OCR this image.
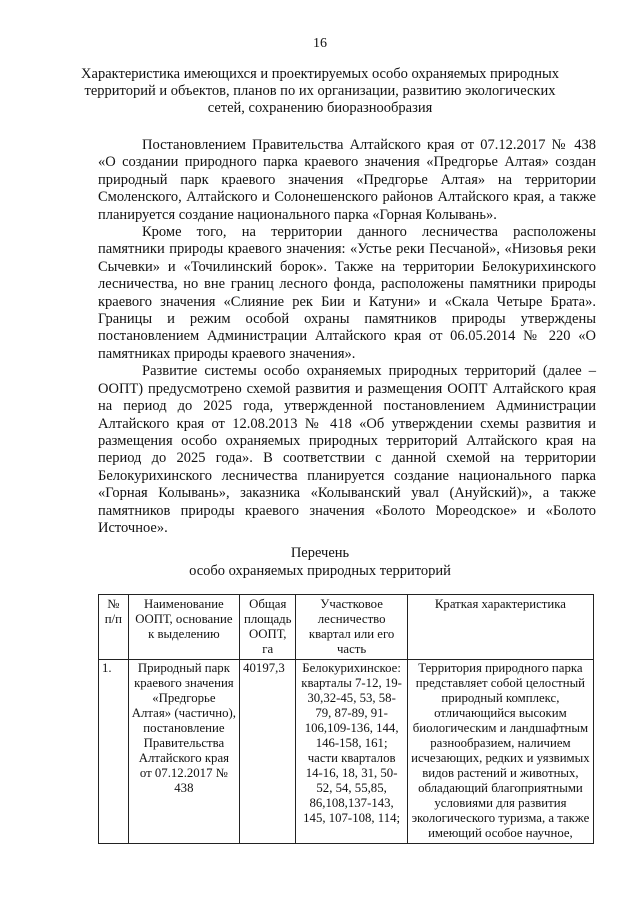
16
Характеристика имеющихся и проектируемых особо охраняемых природных территорий и объектов, планов по их организации, развитию экологических сетей, сохранению биоразнообразия

Постановлением Правительства Алтайского края от 07.12.2017 № 438 «О создании природного парка краевого значения «Предгорье Алтая» создан природный парк краевого значения «Предгорье Алтая» на территории Смоленского, Алтайского и Солонешенского районов Алтайского края, а также планируется создание национального парка «Горная Колывань».

Кроме того, на территории данного лесничества расположены памятники природы краевого значения: «Устье реки Песчаной», «Низовья реки Сычевки» и «Точилинский борок». Также на территории Белокурихинского лесничества, но вне границ лесного фонда, расположены памятники природы краевого значения «Слияние рек Бии и Катуни» и «Скала Четыре Брата». Границы и режим особой охраны памятников природы утверждены постановлением Администрации Алтайского края от 06.05.2014 № 220 «О памятниках природы краевого значения».

Развитие системы особо охраняемых природных территорий (далее – ООПТ) предусмотрено схемой развития и размещения ООПТ Алтайского края на период до 2025 года, утвержденной постановлением Администрации Алтайского края от 12.08.2013 № 418 «Об утверждении схемы развития и размещения особо охраняемых природных территорий Алтайского края на период до 2025 года». В соответствии с данной схемой на территории Белокурихинского лесничества планируется создание национального парка «Горная Колывань», заказника «Колыванский увал (Ануйский)», а также памятников природы краевого значения «Болото Мореодское» и «Болото Источное».

Перечень
особо охраняемых природных территорий
№ п/п	Наименование ООПТ, основание к выделению	Общая площадь ООПТ, га	Участковое лесничество квартал или его часть	Краткая характеристика
1.	Природный парк краевого значения «Предгорье Алтая» (частично), постановление Правительства Алтайского края от 07.12.2017 № 438	40197,3	Белокурихинское: кварталы 7-12, 19-30,32-45, 53, 58-79, 87-89, 91-106,109-136, 144, 146-158, 161; части кварталов 14-16, 18, 31, 50-52, 54, 55,85, 86,108,137-143, 145, 107-108, 114;	Территория природного парка представляет собой целостный природный комплекс, отличающийся высоким биологическим и ландшафтным разнообразием, наличием исчезающих, редких и уязвимых видов растений и животных, обладающий благоприятными условиями для развития экологического туризма, а также имеющий особое научное,
